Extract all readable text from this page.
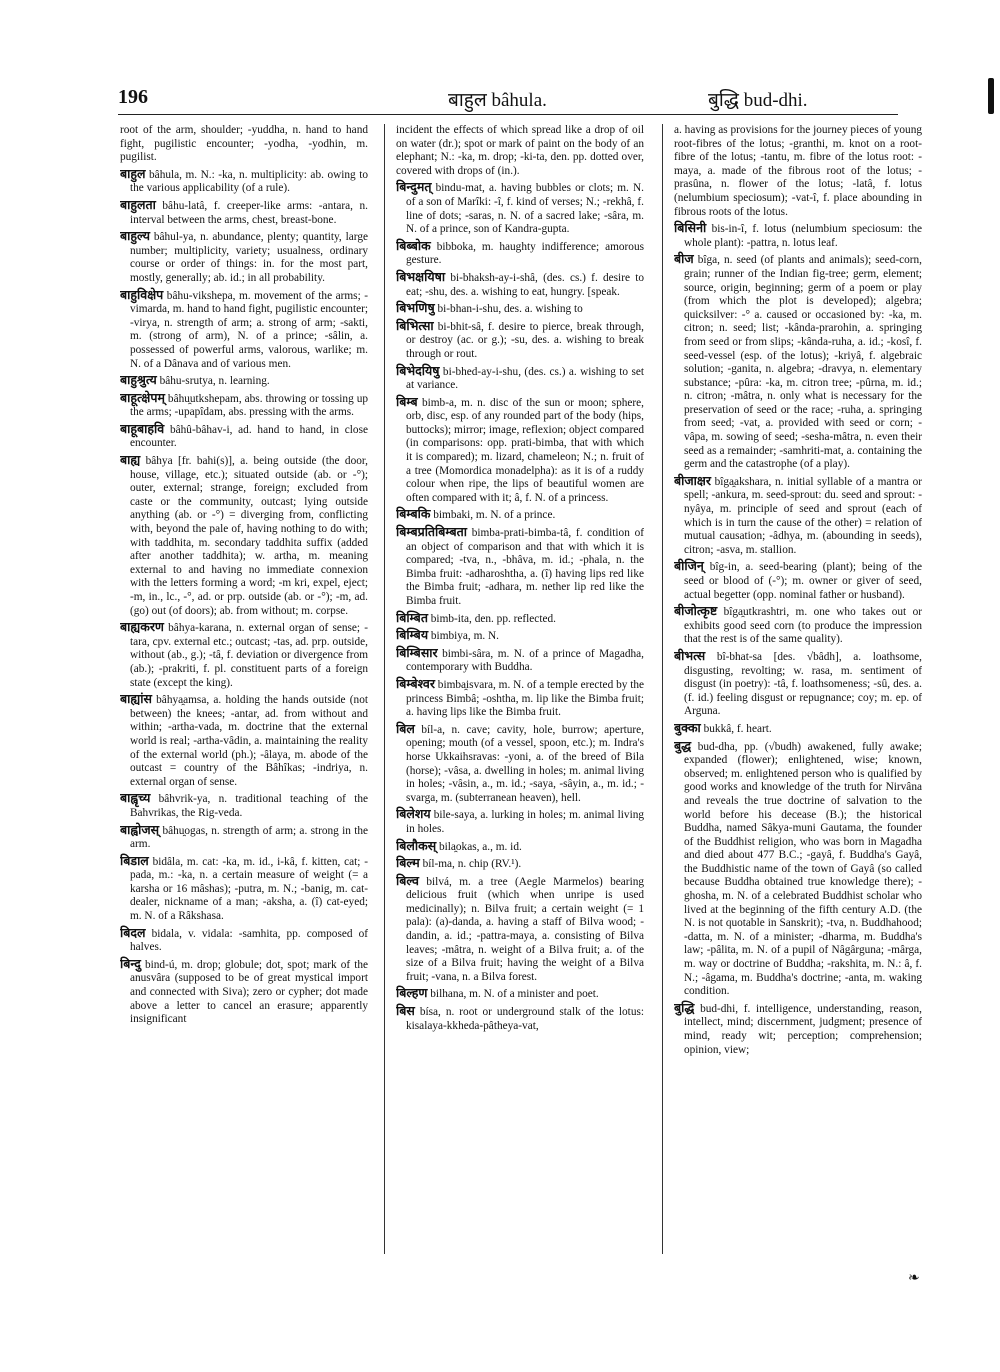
196	बाहुल bâhula.	बुद्धि bud-dhi.

root of the arm, shoulder; -yuddha, n. hand to hand fight, pugilistic encounter; -yodha, -yodhin, m. pugilist.

बाहुल bâhula, m. N.: -ka, n. multiplicity: ab. owing to the various applicability (of a rule).

बाहुलता bâhu-latâ, f. creeper-like arms: -antara, n. interval between the arms, chest, breast-bone.

बाहुल्य bâhul-ya, n. abundance, plenty; quantity, large number; multiplicity, variety; usualness, ordinary course or order of things: in. for the most part, mostly, generally; ab. id.; in all probability.

बाहुविक्षेप bâhu-vikshepa, m. movement of the arms; -vimarda, m. hand to hand fight, pugilistic encounter; -virya, n. strength of arm; a. strong of arm; -sakti, m. (strong of arm), N. of a prince; -sâlin, a. possessed of powerful arms, valorous, warlike; m. N. of a Dânava and of various men.

बाहुश्रुत्य bâhu-srutya, n. learning.

बाहूत्क्षेपम् bâhu̯utkshepam, abs. throwing or tossing up the arms; -upapîdam, abs. pressing with the arms.

बाहूबाहवि bâhû-bâhav-i, ad. hand to hand, in close encounter.

बाह्य bâhya [fr. bahi(s)], a. being outside (the door, house, village, etc.); situated outside (ab. or -°); outer, external; strange, foreign; excluded from caste or the community, outcast; lying outside anything (ab. or -°) = diverging from, conflicting with, beyond the pale of, having nothing to do with; with taddhita, m. secondary taddhita suffix (added after another taddhita); w. artha, m. meaning external to and having no immediate connexion with the letters forming a word; -m kri, expel, eject; -m, in., lc., -°, ad. or prp. outside (ab. or -°); -m, ad. (go) out (of doors); ab. from without; m. corpse.

बाह्यकरण bâhya-karana, n. external organ of sense; -tara, cpv. external etc.; outcast; -tas, ad. prp. outside, without (ab., g.); -tâ, f. deviation or divergence from (ab.); -prakriti, f. pl. constituent parts of a foreign state (except the king).

बाह्यांस bâhya̯amsa, a. holding the hands outside (not between) the knees; -antar, ad. from without and within; -artha-vada, m. doctrine that the external world is real; -artha-vâdin, a. maintaining the reality of the external world (ph.); -âlaya, m. abode of the outcast = country of the Bâhîkas; -indriya, n. external organ of sense.

बाह्वृच्य bâhvrik-ya, n. traditional teaching of the Bahvrikas, the Rig-veda.

बाह्वोजस् bâhu̯ogas, n. strength of arm; a. strong in the arm.

बिडाल bidâla, m. cat: -ka, m. id., i-kâ, f. kitten, cat; -pada, m.: -ka, n. a certain measure of weight (= a karsha or 16 mâshas); -putra, m. N.; -banig, m. cat-dealer, nickname of a man; -aksha, a. (î) cat-eyed; m. N. of a Râkshasa.

बिदल bidala, v. vidala: -samhita, pp. composed of halves.

बिन्दु bind-ú, m. drop; globule; dot, spot; mark of the anusvâra (supposed to be of great mystical import and connected with Siva); zero or cypher; dot made above a letter to cancel an erasure; apparently insignificant

incident the effects of which spread like a drop of oil on water (dr.); spot or mark of paint on the body of an elephant; N.: -ka, m. drop; -ki-ta, den. pp. dotted over, covered with drops of (in.).

बिन्दुमत् bindu-mat, a. having bubbles or clots; m. N. of a son of Marîki: -î, f. kind of verses; N.; -rekhâ, f. line of dots; -saras, n. N. of a sacred lake; -sâra, m. N. of a prince, son of Kandra-gupta.

बिब्बोक bibboka, m. haughty indifference; amorous gesture.

बिभक्षयिषा bi-bhaksh-ay-i-shâ, (des. cs.) f. desire to eat; -shu, des. a. wishing to eat, hungry. [speak.

बिभणिषु bi-bhan-i-shu, des. a. wishing to

बिभित्सा bi-bhit-sâ, f. desire to pierce, break through, or destroy (ac. or g.); -su, des. a. wishing to break through or rout.

बिभेदयिषु bi-bhed-ay-i-shu, (des. cs.) a. wishing to set at variance.

बिम्ब bimb-a, m. n. disc of the sun or moon; sphere, orb, disc, esp. of any rounded part of the body (hips, buttocks); mirror; image, reflexion; object compared (in comparisons: opp. prati-bimba, that with which it is compared); m. lizard, chameleon; N.; n. fruit of a tree (Momordica monadelpha): as it is of a ruddy colour when ripe, the lips of beautiful women are often compared with it; â, f. N. of a princess.

बिम्बकि bimbaki, m. N. of a prince.

बिम्बप्रतिबिम्बता bimba-prati-bimba-tâ, f. condition of an object of comparison and that with which it is compared; -tva, n., -bhâva, m. id.; -phala, n. the Bimba fruit: -adharoshtha, a. (î) having lips red like the Bimba fruit; -adhara, m. nether lip red like the Bimba fruit.

बिम्बित bimb-ita, den. pp. reflected.

बिम्बिय bimbiya, m. N.

बिम्बिसार bimbi-sâra, m. N. of a prince of Magadha, contemporary with Buddha.

बिम्बेश्वर bimba̯isvara, m. N. of a temple erected by the princess Bimbâ; -oshtha, m. lip like the Bimba fruit; a. having lips like the Bimba fruit.

बिल bíl-a, n. cave; cavity, hole, burrow; aperture, opening; mouth (of a vessel, spoon, etc.); m. Indra's horse Ukkaihsravas: -yoni, a. of the breed of Bila (horse); -vâsa, a. dwelling in holes; m. animal living in holes; -vâsin, a., m. id.; -saya, -sâyin, a., m. id.; -svarga, m. (subterranean heaven), hell.

बिलेशय bile-saya, a. lurking in holes; m. animal living in holes.

बिलौकस् bila̯okas, a., m. id.

बिल्म bíl-ma, n. chip (RV.¹).

बिल्व bilvá, m. a tree (Aegle Marmelos) bearing delicious fruit (which when unripe is used medicinally); n. Bilva fruit; a certain weight (= 1 pala): (a)-danda, a. having a staff of Bilva wood; -dandin, a. id.; -pattra-maya, a. consisting of Bilva leaves; -mâtra, n. weight of a Bilva fruit; a. of the size of a Bilva fruit; having the weight of a Bilva fruit; -vana, n. a Bilva forest.

बिल्हण bilhana, m. N. of a minister and poet.

बिस bísa, n. root or underground stalk of the lotus: kisalaya-kkheda-pâtheya-vat,

a. having as provisions for the journey pieces of young root-fibres of the lotus; -granthi, m. knot on a root-fibre of the lotus; -tantu, m. fibre of the lotus root: -maya, a. made of the fibrous root of the lotus; -prasûna, n. flower of the lotus; -latâ, f. lotus (nelumbium speciosum); -vat-î, f. place abounding in fibrous roots of the lotus.

बिसिनी bis-in-î, f. lotus (nelumbium speciosum: the whole plant): -pattra, n. lotus leaf.

बीज bîga, n. seed (of plants and animals); seed-corn, grain; runner of the Indian fig-tree; germ, element; source, origin, beginning; germ of a poem or play (from which the plot is developed); algebra; quicksilver: -° a. caused or occasioned by: -ka, m. citron; n. seed; list; -kânda-prarohin, a. springing from seed or from slips; -kânda-ruha, a. id.; -kosî, f. seed-vessel (esp. of the lotus); -kriyâ, f. algebraic solution; -ganita, n. algebra; -dravya, n. elementary substance; -pûra: -ka, m. citron tree; -pûrna, m. id.; n. citron; -mâtra, n. only what is necessary for the preservation of seed or the race; -ruha, a. springing from seed; -vat, a. provided with seed or corn; -vâpa, m. sowing of seed; -sesha-mâtra, n. even their seed as a remainder; -samhriti-mat, a. containing the germ and the catastrophe (of a play).

बीजाक्षर bîga̯akshara, n. initial syllable of a mantra or spell; -ankura, m. seed-sprout: du. seed and sprout: -nyâya, m. principle of seed and sprout (each of which is in turn the cause of the other) = relation of mutual causation; -âdhya, m. (abounding in seeds), citron; -asva, m. stallion.

बीजिन् bîg-in, a. seed-bearing (plant); being of the seed or blood of (-°); m. owner or giver of seed, actual begetter (opp. nominal father or husband).

बीजोत्कृष्ट bîga̯utkrashtri, m. one who takes out or exhibits good seed corn (to produce the impression that the rest is of the same quality).

बीभत्स bî-bhat-sa [des. √bâdh], a. loathsome, disgusting, revolting; w. rasa, m. sentiment of disgust (in poetry): -tâ, f. loathsomeness; -sû, des. a. (f. id.) feeling disgust or repugnance; coy; m. ep. of Arguna.

बुक्का bukkâ, f. heart.

बुद्ध bud-dha, pp. (√budh) awakened, fully awake; expanded (flower); enlightened, wise; known, observed; m. enlightened person who is qualified by good works and knowledge of the truth for Nirvâna and reveals the true doctrine of salvation to the world before his decease (B.); the historical Buddha, named Sâkya-muni Gautama, the founder of the Buddhist religion, who was born in Magadha and died about 477 B.C.; -gayâ, f. Buddha's Gayâ, the Buddhistic name of the town of Gayâ (so called because Buddha obtained true knowledge there); -ghosha, m. N. of a celebrated Buddhist scholar who lived at the beginning of the fifth century A.D. (the N. is not quotable in Sanskrit); -tva, n. Buddhahood; -datta, m. N. of a minister; -dharma, m. Buddha's law; -pâlita, m. N. of a pupil of Nâgârguna; -mârga, m. way or doctrine of Buddha; -rakshita, m. N.: â, f. N.; -âgama, m. Buddha's doctrine; -anta, m. waking condition.

बुद्धि bud-dhi, f. intelligence, understanding, reason, intellect, mind; discernment, judgment; presence of mind, ready wit; perception; comprehension; opinion, view;

❧
